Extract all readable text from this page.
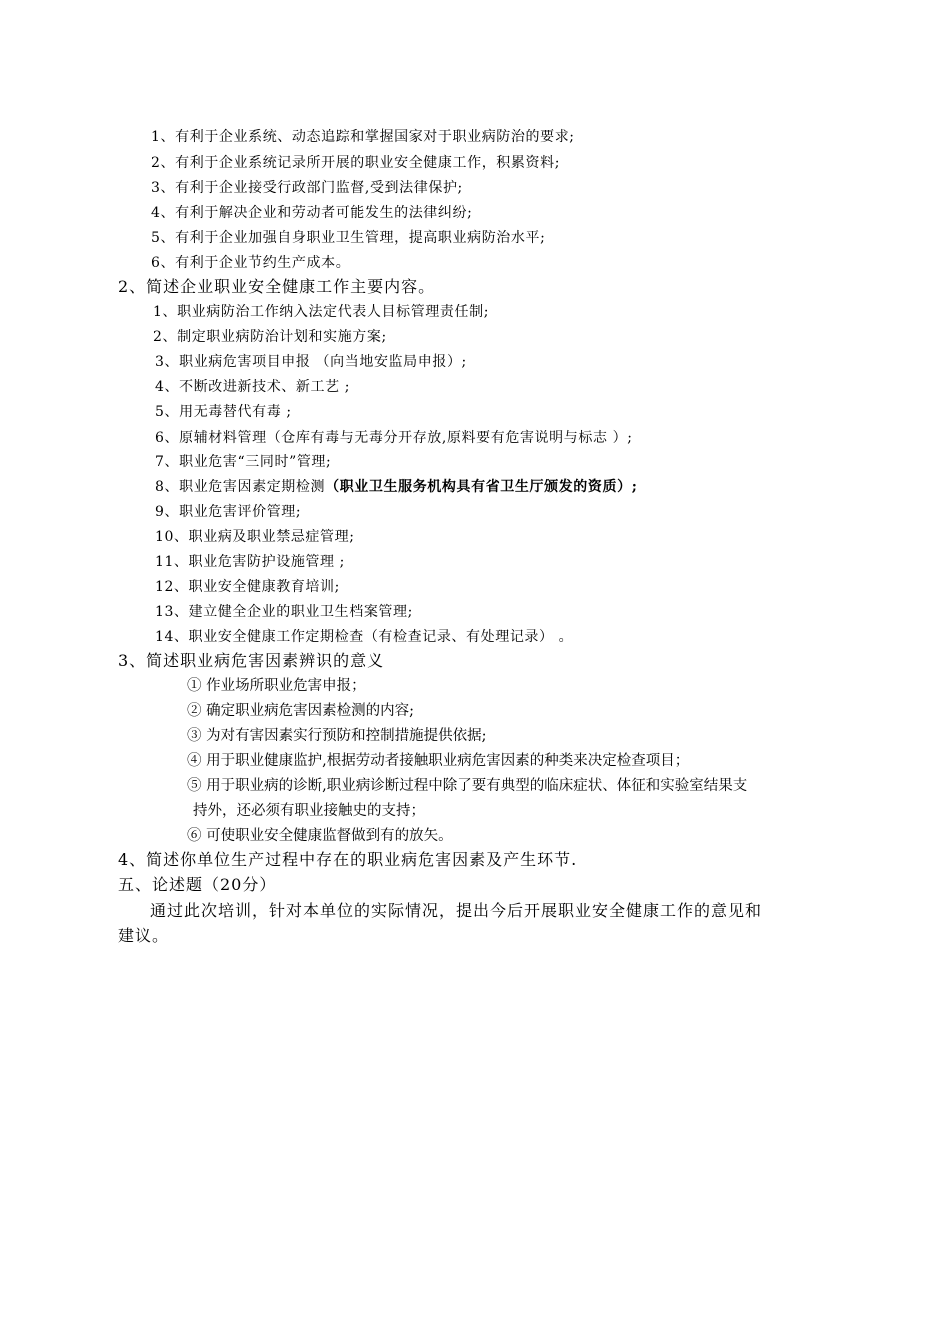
1、有利于企业系统、动态追踪和掌握国家对于职业病防治的要求;
2、有利于企业系统记录所开展的职业安全健康工作，积累资料;
3、有利于企业接受行政部门监督,受到法律保护;
4、有利于解决企业和劳动者可能发生的法律纠纷;
5、有利于企业加强自身职业卫生管理，提高职业病防治水平;
6、有利于企业节约生产成本。
2、简述企业职业安全健康工作主要内容。
1、职业病防治工作纳入法定代表人目标管理责任制;
2、制定职业病防治计划和实施方案;
3、职业病危害项目申报 （向当地安监局申报）;
4、不断改进新技术、新工艺 ;
5、用无毒替代有毒 ;
6、原辅材料管理（仓库有毒与无毒分开存放,原料要有危害说明与标志 ）;
7、职业危害“三同时”管理;
8、职业危害因素定期检测（职业卫生服务机构具有省卫生厅颁发的资质）;
9、职业危害评价管理;
10、职业病及职业禁忌症管理;
11、职业危害防护设施管理 ;
12、职业安全健康教育培训;
13、建立健全企业的职业卫生档案管理;
14、职业安全健康工作定期检查（有检查记录、有处理记录） 。
3、简述职业病危害因素辨识的意义
① 作业场所职业危害申报；
② 确定职业病危害因素检测的内容;
③ 为对有害因素实行预防和控制措施提供依据;
④ 用于职业健康监护,根据劳动者接触职业病危害因素的种类来决定检查项目；
⑤ 用于职业病的诊断,职业病诊断过程中除了要有典型的临床症状、体征和实验室结果支
持外，还必须有职业接触史的支持；
⑥ 可使职业安全健康监督做到有的放矢。
4、简述你单位生产过程中存在的职业病危害因素及产生环节.
五、论述题（20分）
通过此次培训，针对本单位的实际情况，提出今后开展职业安全健康工作的意见和
建议。
